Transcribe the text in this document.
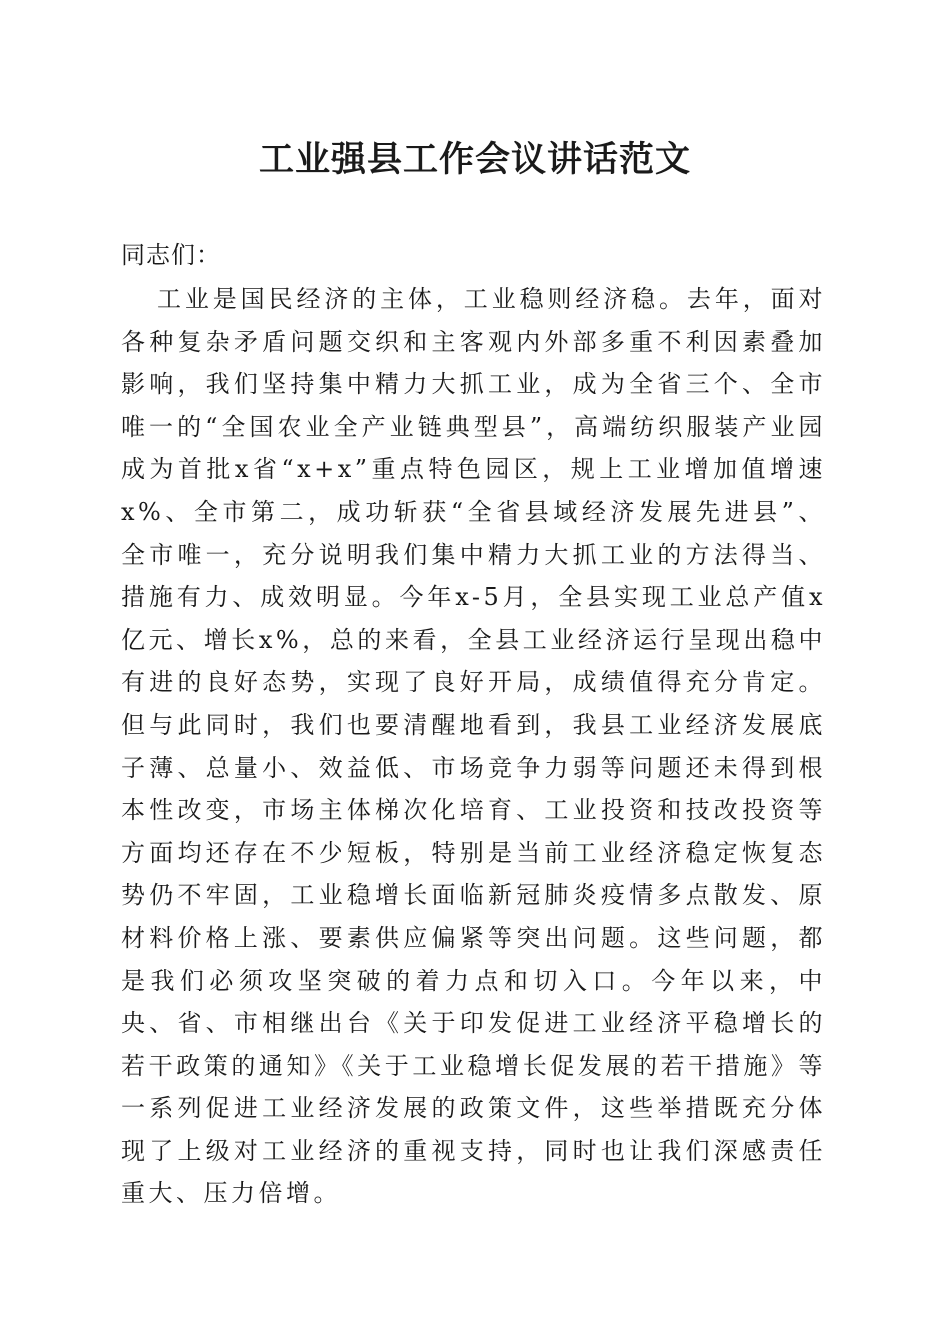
工业强县工作会议讲话范文

同志们：

工业是国民经济的主体，工业稳则经济稳。去年，面对各种复杂矛盾问题交织和主客观内外部多重不利因素叠加影响，我们坚持集中精力大抓工业，成为全省三个、全市唯一的“全国农业全产业链典型县”，高端纺织服装产业园成为首批x省“x+x”重点特色园区，规上工业增加值增速x%、全市第二，成功斩获“全省县域经济发展先进县”、全市唯一，充分说明我们集中精力大抓工业的方法得当、措施有力、成效明显。今年x-5月，全县实现工业总产值x亿元、增长x%，总的来看，全县工业经济运行呈现出稳中有进的良好态势，实现了良好开局，成绩值得充分肯定。但与此同时，我们也要清醒地看到，我县工业经济发展底子薄、总量小、效益低、市场竞争力弱等问题还未得到根本性改变，市场主体梯次化培育、工业投资和技改投资等方面均还存在不少短板，特别是当前工业经济稳定恢复态势仍不牢固，工业稳增长面临新冠肺炎疫情多点散发、原材料价格上涨、要素供应偏紧等突出问题。这些问题，都是我们必须攻坚突破的着力点和切入口。今年以来，中央、省、市相继出台《关于印发促进工业经济平稳增长的若干政策的通知》《关于工业稳增长促发展的若干措施》等一系列促进工业经济发展的政策文件，这些举措既充分体现了上级对工业经济的重视支持，同时也让我们深感责任重大、压力倍增。
